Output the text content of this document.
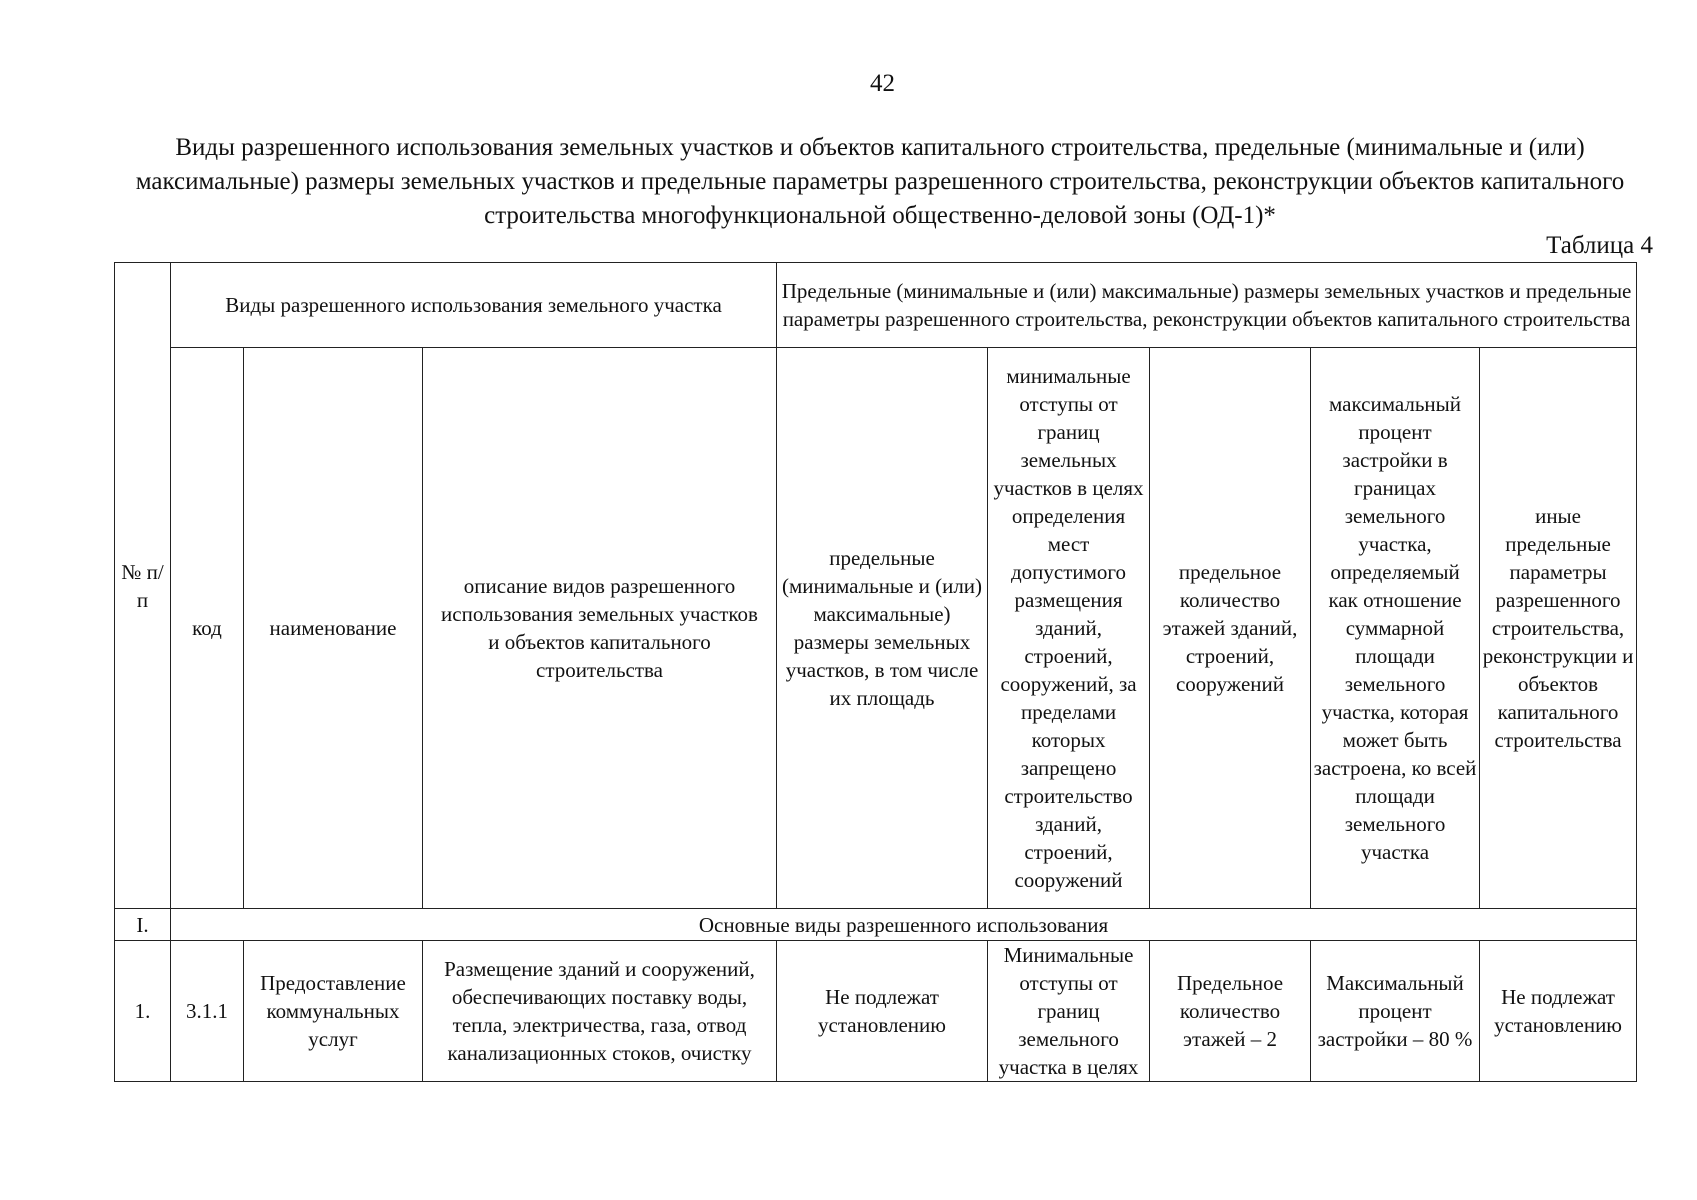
42
Виды разрешенного использования земельных участков и объектов капитального строительства, предельные (минимальные и (или) максимальные) размеры земельных участков и предельные параметры разрешенного строительства, реконструкции объектов капитального строительства многофункциональной общественно-деловой зоны (ОД-1)*
Таблица 4
№ п/п	Виды разрешенного использования земельного участка			Предельные (минимальные и (или) максимальные) размеры земельных участков и предельные параметры разрешенного строительства, реконструкции объектов капитального строительства				
	код	наименование	описание видов разрешенного использования земельных участков и объектов капитального строительства	предельные (минимальные и (или) максимальные) размеры земельных участков, в том числе их площадь	минимальные отступы от границ земельных участков в целях определения мест допустимого размещения зданий, строений, сооружений, за пределами которых запрещено строительство зданий, строений, сооружений	предельное количество этажей зданий, строений, сооружений	максимальный процент застройки в границах земельного участка, определяемый как отношение суммарной площади земельного участка, которая может быть застроена, ко всей площади земельного участка	иные предельные параметры разрешенного строительства, реконструкции и объектов капитального строительства
I.	Основные виды разрешенного использования							
1.	3.1.1	Предоставление коммунальных услуг	Размещение зданий и сооружений, обеспечивающих поставку воды, тепла, электричества, газа, отвод канализационных стоков, очистку	Не подлежат установлению	Минимальные отступы от границ земельного участка в целях	Предельное количество этажей – 2	Максимальный процент застройки – 80 %	Не подлежат установлению
